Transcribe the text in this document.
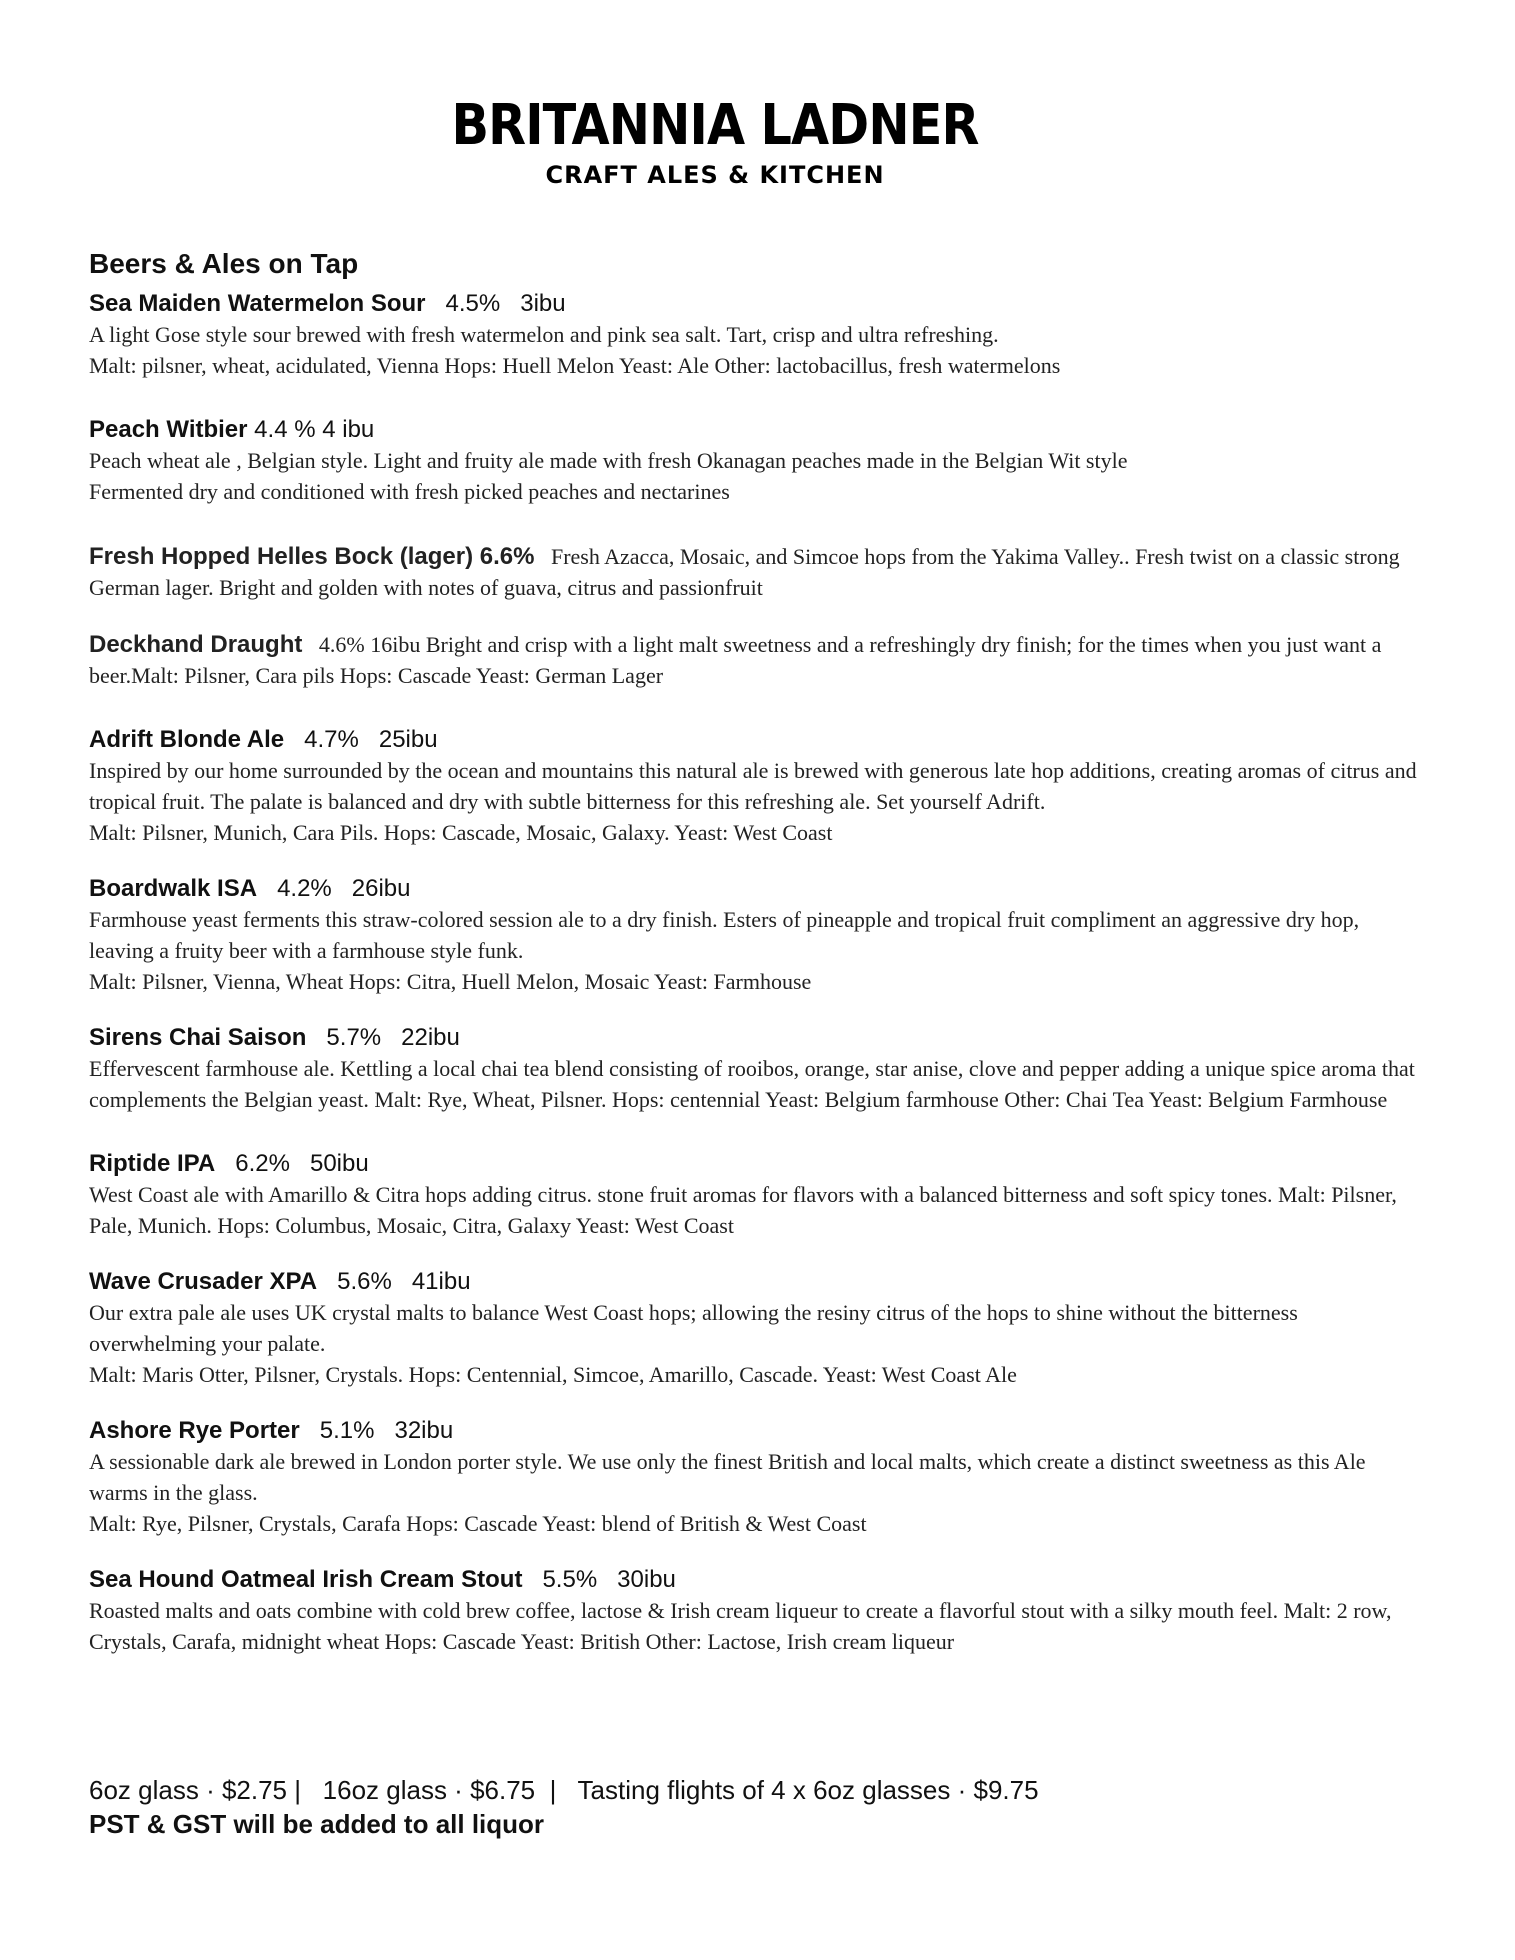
BRITANNIA LADNER
CRAFT ALES & KITCHEN
Beers & Ales on Tap
Sea Maiden Watermelon Sour 4.5% 3ibu
A light Gose style sour brewed with fresh watermelon and pink sea salt. Tart, crisp and ultra refreshing.
Malt: pilsner, wheat, acidulated, Vienna Hops: Huell Melon Yeast: Ale Other: lactobacillus, fresh watermelons
Peach Witbier 4.4 % 4 ibu
Peach wheat ale , Belgian style. Light and fruity ale made with fresh Okanagan peaches made in the Belgian Wit style
Fermented dry and conditioned with fresh picked peaches and nectarines
Fresh Hopped Helles Bock (lager) 6.6% Fresh Azacca, Mosaic, and Simcoe hops from the Yakima Valley.. Fresh twist on a classic strong German lager. Bright and golden with notes of guava, citrus and passionfruit
Deckhand Draught 4.6% 16ibu Bright and crisp with a light malt sweetness and a refreshingly dry finish; for the times when you just want a beer.Malt: Pilsner, Cara pils Hops: Cascade Yeast: German Lager
Adrift Blonde Ale 4.7% 25ibu
Inspired by our home surrounded by the ocean and mountains this natural ale is brewed with generous late hop additions, creating aromas of citrus and tropical fruit. The palate is balanced and dry with subtle bitterness for this refreshing ale. Set yourself Adrift.
Malt: Pilsner, Munich, Cara Pils. Hops: Cascade, Mosaic, Galaxy. Yeast: West Coast
Boardwalk ISA 4.2% 26ibu
Farmhouse yeast ferments this straw-colored session ale to a dry finish. Esters of pineapple and tropical fruit compliment an aggressive dry hop, leaving a fruity beer with a farmhouse style funk.
Malt: Pilsner, Vienna, Wheat Hops: Citra, Huell Melon, Mosaic Yeast: Farmhouse
Sirens Chai Saison 5.7% 22ibu
Effervescent farmhouse ale. Kettling a local chai tea blend consisting of rooibos, orange, star anise, clove and pepper adding a unique spice aroma that complements the Belgian yeast. Malt: Rye, Wheat, Pilsner. Hops: centennial Yeast: Belgium farmhouse Other: Chai Tea Yeast: Belgium Farmhouse
Riptide IPA 6.2% 50ibu
West Coast ale with Amarillo & Citra hops adding citrus. stone fruit aromas for flavors with a balanced bitterness and soft spicy tones. Malt: Pilsner, Pale, Munich. Hops: Columbus, Mosaic, Citra, Galaxy Yeast: West Coast
Wave Crusader XPA 5.6% 41ibu
Our extra pale ale uses UK crystal malts to balance West Coast hops; allowing the resiny citrus of the hops to shine without the bitterness overwhelming your palate.
Malt: Maris Otter, Pilsner, Crystals. Hops: Centennial, Simcoe, Amarillo, Cascade. Yeast: West Coast Ale
Ashore Rye Porter 5.1% 32ibu
A sessionable dark ale brewed in London porter style. We use only the finest British and local malts, which create a distinct sweetness as this Ale warms in the glass.
Malt: Rye, Pilsner, Crystals, Carafa Hops: Cascade Yeast: blend of British & West Coast
Sea Hound Oatmeal Irish Cream Stout 5.5% 30ibu
Roasted malts and oats combine with cold brew coffee, lactose & Irish cream liqueur to create a flavorful stout with a silky mouth feel. Malt: 2 row, Crystals, Carafa, midnight wheat Hops: Cascade Yeast: British Other: Lactose, Irish cream liqueur
6oz glass · $2.75 |   16oz glass · $6.75  |   Tasting flights of 4 x 6oz glasses · $9.75
PST & GST will be added to all liquor
